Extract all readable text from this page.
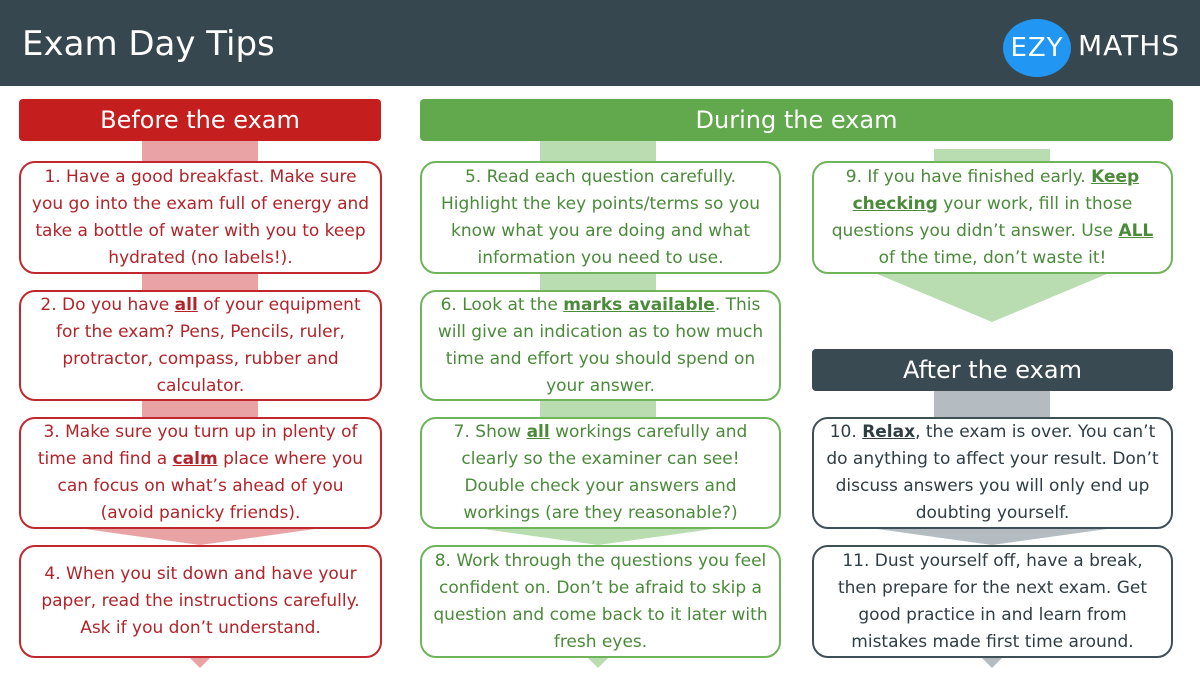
Exam Day Tips	EZY MATHS
Before the exam	During the exam
After the exam

1. Have a good breakfast. Make sure you go into the exam full of energy and take a bottle of water with you to keep hydrated (no labels!).

2. Do you have all of your equipment for the exam? Pens, Pencils, ruler, protractor, compass, rubber and calculator.

3. Make sure you turn up in plenty of time and find a calm place where you can focus on what’s ahead of you (avoid panicky friends).

4. When you sit down and have your paper, read the instructions carefully. Ask if you don’t understand.

5. Read each question carefully. Highlight the key points/terms so you know what you are doing and what information you need to use.

6. Look at the marks available. This will give an indication as to how much time and effort you should spend on your answer.

7. Show all workings carefully and clearly so the examiner can see! Double check your answers and workings (are they reasonable?)

8. Work through the questions you feel confident on. Don’t be afraid to skip a question and come back to it later with fresh eyes.

9. If you have finished early. Keep checking your work, fill in those questions you didn’t answer. Use ALL of the time, don’t waste it!

10. Relax, the exam is over. You can’t do anything to affect your result. Don’t discuss answers you will only end up doubting yourself.

11. Dust yourself off, have a break, then prepare for the next exam. Get good practice in and learn from mistakes made first time around.
